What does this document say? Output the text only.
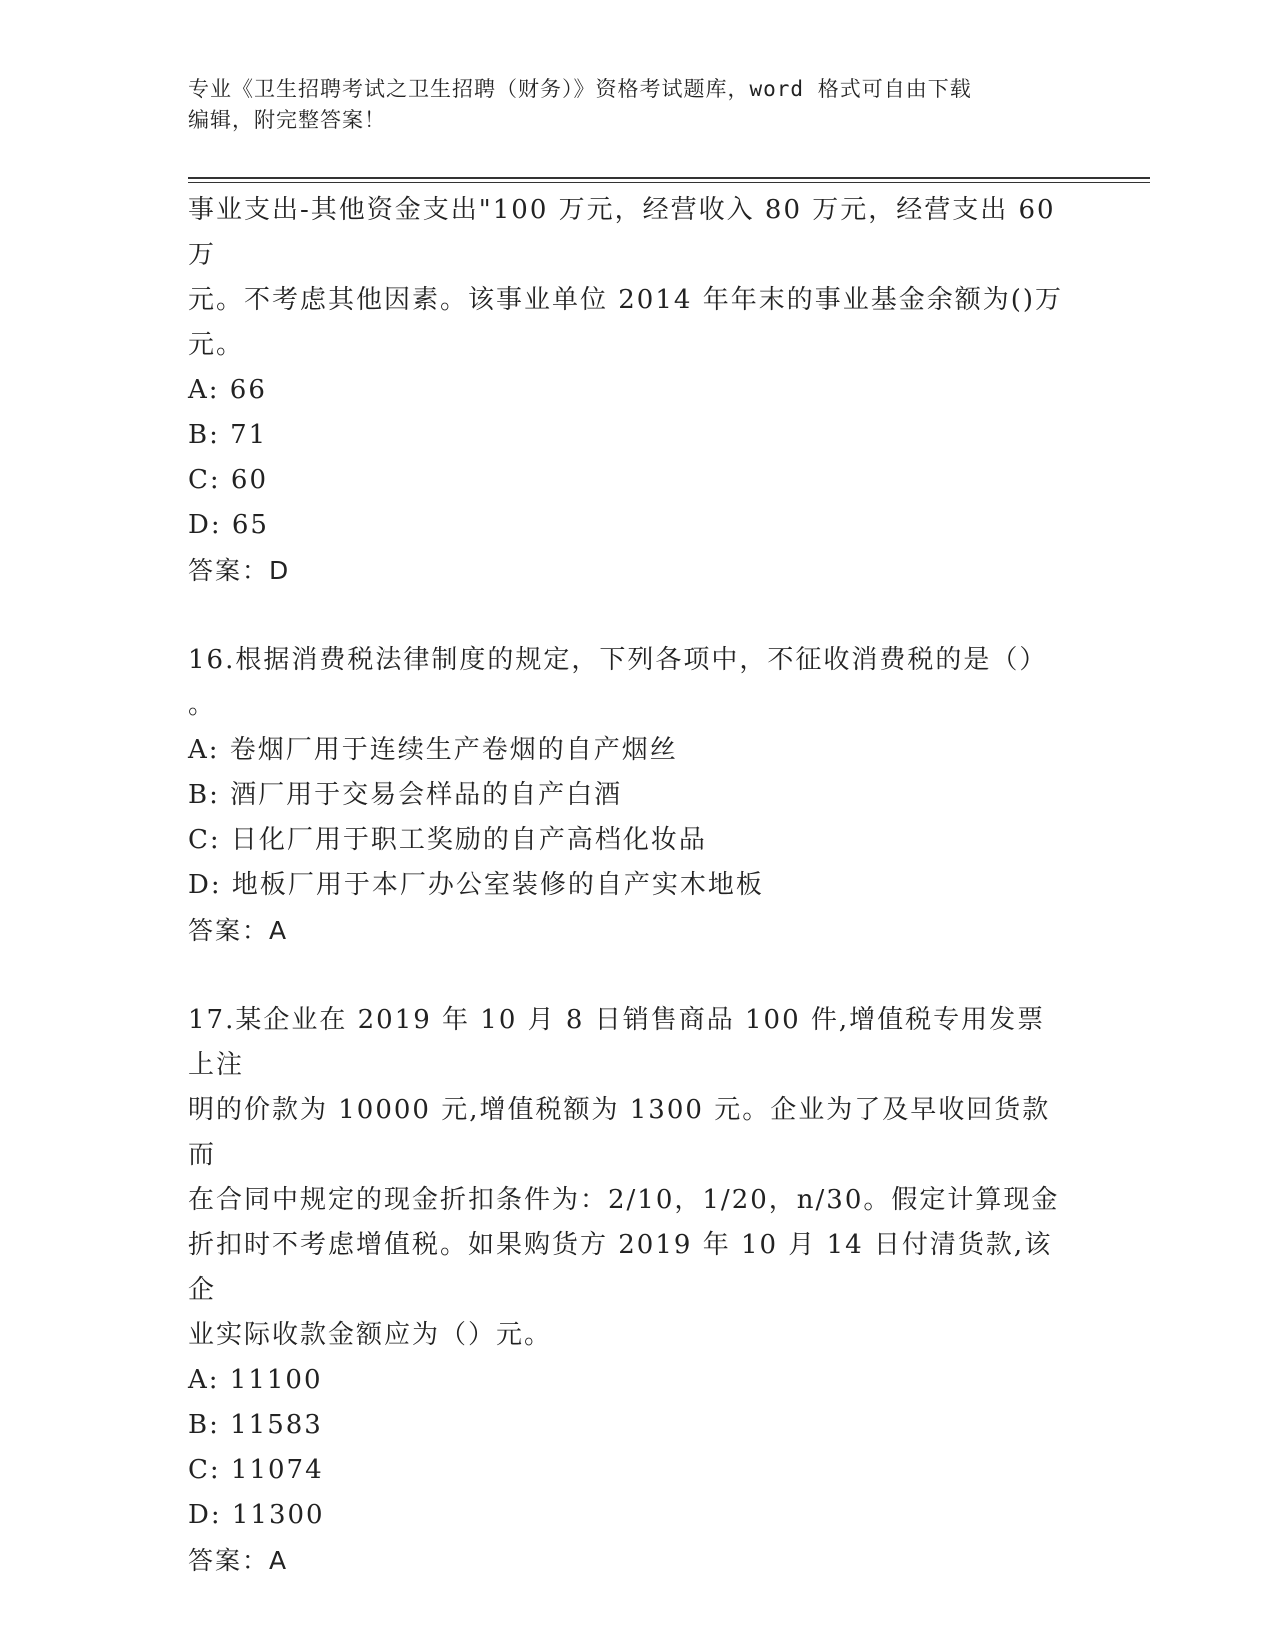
专业《卫生招聘考试之卫生招聘（财务）》资格考试题库，word 格式可自由下载
编辑，附完整答案！

事业支出-其他资金支出"100 万元，经营收入 80 万元，经营支出 60 万

元。不考虑其他因素。该事业单位 2014 年年末的事业基金余额为()万

元。

A: 66

B: 71

C: 60

D: 65

答案：D

16.根据消费税法律制度的规定，下列各项中，不征收消费税的是（）

。

A: 卷烟厂用于连续生产卷烟的自产烟丝

B: 酒厂用于交易会样品的自产白酒

C: 日化厂用于职工奖励的自产高档化妆品

D: 地板厂用于本厂办公室装修的自产实木地板

答案：A

17.某企业在 2019 年 10 月 8 日销售商品 100 件,增值税专用发票上注

明的价款为 10000 元,增值税额为 1300 元。企业为了及早收回货款而

在合同中规定的现金折扣条件为：2/10，1/20，n/30。假定计算现金

折扣时不考虑增值税。如果购货方 2019 年 10 月 14 日付清货款,该企

业实际收款金额应为（）元。

A: 11100

B: 11583

C: 11074

D: 11300

答案：A
